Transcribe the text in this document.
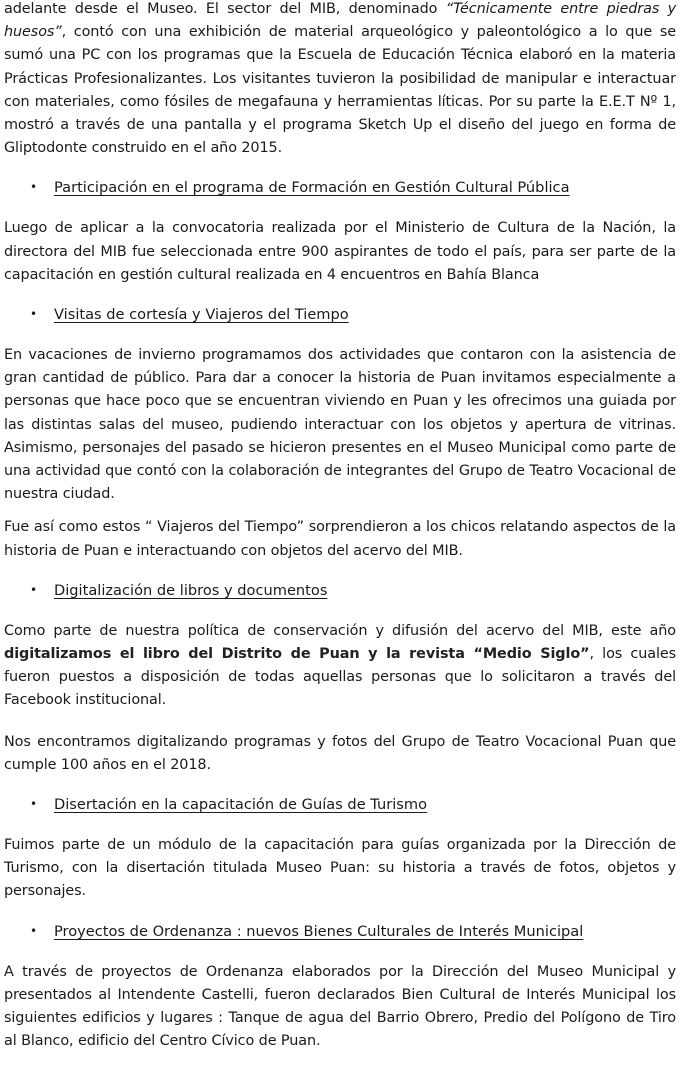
adelante desde el Museo. El sector del MIB, denominado “Técnicamente entre piedras y huesos”, contó con una exhibición de material arqueológico y paleontológico a lo que se sumó una PC con los programas que la Escuela de Educación Técnica elaboró en la materia Prácticas Profesionalizantes. Los visitantes tuvieron la posibilidad de manipular e interactuar con materiales, como fósiles de megafauna y herramientas líticas. Por su parte la E.E.T Nº 1, mostró a través de una pantalla y el programa Sketch Up el diseño del juego en forma de Gliptodonte construido en el año 2015.

•	Participación en el programa de Formación en Gestión Cultural Pública

Luego de aplicar a la convocatoria realizada por el Ministerio de Cultura de la Nación, la directora del MIB fue seleccionada entre 900 aspirantes de todo el país, para ser parte de la capacitación en gestión cultural realizada en 4 encuentros en Bahía Blanca

•	Visitas de cortesía y Viajeros del Tiempo

En vacaciones de invierno programamos dos actividades que contaron con la asistencia de gran cantidad de público. Para dar a conocer la historia de Puan invitamos especialmente a personas que hace poco que se encuentran viviendo en Puan y les ofrecimos una guiada por las distintas salas del museo, pudiendo interactuar con los objetos y apertura de vitrinas. Asimismo, personajes del pasado se hicieron presentes en el Museo Municipal como parte de una actividad que contó con la colaboración de integrantes del Grupo de Teatro Vocacional de nuestra ciudad.

Fue así como estos “ Viajeros del Tiempo” sorprendieron a los chicos relatando aspectos de la historia de Puan e interactuando con objetos del acervo del MIB.

•	Digitalización de libros y documentos

Como parte de nuestra política de conservación y difusión del acervo del MIB, este año digitalizamos el libro del Distrito de Puan y la revista “Medio Siglo”, los cuales fueron puestos a disposición de todas aquellas personas que lo solicitaron a través del Facebook institucional.

Nos encontramos digitalizando programas y fotos del Grupo de Teatro Vocacional Puan que cumple 100 años en el 2018.

•	Disertación en la capacitación de Guías de Turismo

Fuimos parte de un módulo de la capacitación para guías organizada por la Dirección de Turismo, con la disertación titulada Museo Puan: su historia a través de fotos, objetos y personajes.

•	Proyectos de Ordenanza : nuevos Bienes Culturales de Interés Municipal

A través de proyectos de Ordenanza elaborados por la Dirección del Museo Municipal y presentados al Intendente Castelli, fueron declarados Bien Cultural de Interés Municipal los siguientes edificios y lugares : Tanque de agua del Barrio Obrero, Predio del Polígono de Tiro al Blanco, edificio del Centro Cívico de Puan.
